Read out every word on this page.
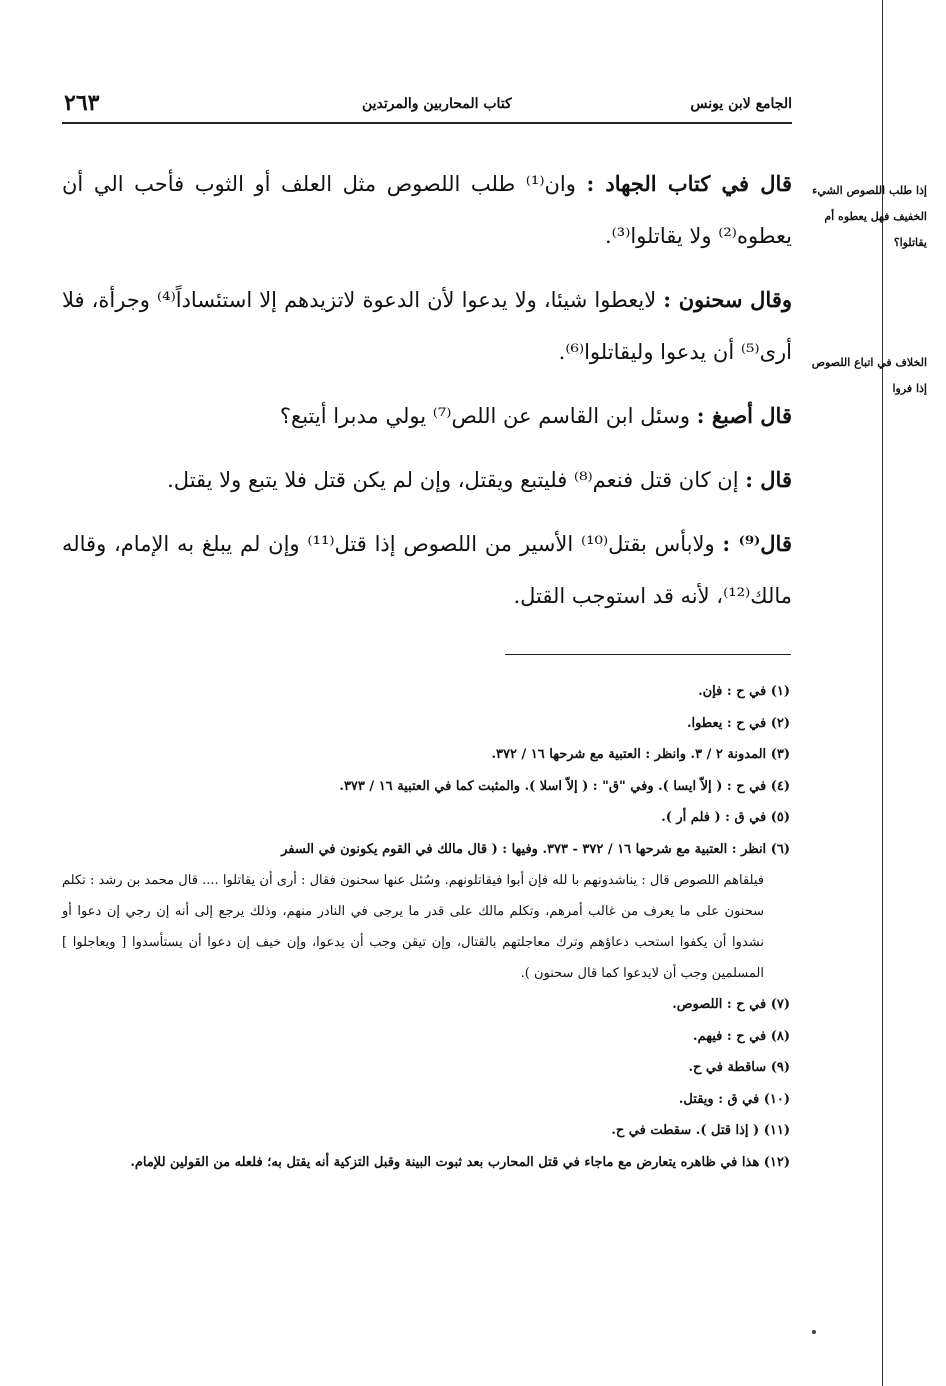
الجامع لابن يونس
كتاب المحاربين والمرتدين
٢٦٣
إذا طلب اللصوص الشيء الخفيف فهل يعطوه أم يقاتلوا؟
الخلاف في اتباع اللصوص إذا فروا

قال في كتاب الجهاد : وان⁽¹⁾ طلب اللصوص مثل العلف أو الثوب فأحب الي أن يعطوه⁽²⁾ ولا يقاتلوا⁽³⁾.

وقال سحنون : لايعطوا شيئا، ولا يدعوا لأن الدعوة لاتزيدهم إلا استئساداً⁽⁴⁾ وجرأة، فلا أرى⁽⁵⁾ أن يدعوا وليقاتلوا⁽⁶⁾.

قال أصبغ : وسئل ابن القاسم عن اللص⁽⁷⁾ يولي مدبرا أيتبع؟

قال : إن كان قتل فنعم⁽⁸⁾ فليتبع ويقتل، وإن لم يكن قتل فلا يتبع ولا يقتل.

قال⁽⁹⁾ : ولابأس بقتل⁽¹⁰⁾ الأسير من اللصوص إذا قتل⁽¹¹⁾ وإن لم يبلغ به الإمام، وقاله مالك⁽¹²⁾، لأنه قد استوجب القتل.

(١) في ح : فإن.

(٢) في ح : يعطوا.

(٣) المدونة ٢ / ٣. وانظر : العتبية مع شرحها ١٦ / ٣٧٢.

(٤) في ح : ( إلاّ ايسا ). وفي "ق" : ( إلاّ اسلا ). والمثبت كما في العتبية ١٦ / ٣٧٣.

(٥) في ق : ( فلم أر ).

(٦) انظر : العتبية مع شرحها ١٦ / ٣٧٢ - ٣٧٣. وفيها : ( قال مالك في القوم يكونون في السفر

فيلقاهم اللصوص قال : يناشدونهم با لله فإن أبوا فيقاتلونهم. وسُئل عنها سحنون فقال : أرى أن يقاتلوا .... قال محمد بن رشد : تكلم سحنون على ما يعرف من غالب أمرهم، وتكلم مالك على قدر ما يرجى في النادر منهم، وذلك يرجع إلى أنه إن رجي إن دعوا أو نشدوا أن يكفوا استحب دعاؤهم وترك معاجلتهم بالقتال، وإن تيقن وجب أن يدعوا، وإن خيف إن دعوا أن يستأسدوا [ ويعاجلوا ] المسلمين وجب أن لايدعوا كما قال سحنون ).

(٧) في ح : اللصوص.

(٨) في ح : فيهم.

(٩) ساقطة في ح.

(١٠) في ق : ويقتل.

(١١) ( إذا قتل ). سقطت في ح.

(١٢) هذا في ظاهره يتعارض مع ماجاء في قتل المحارب بعد ثبوت البينة وقبل التزكية أنه يقتل به؛ فلعله من القولين للإمام.
